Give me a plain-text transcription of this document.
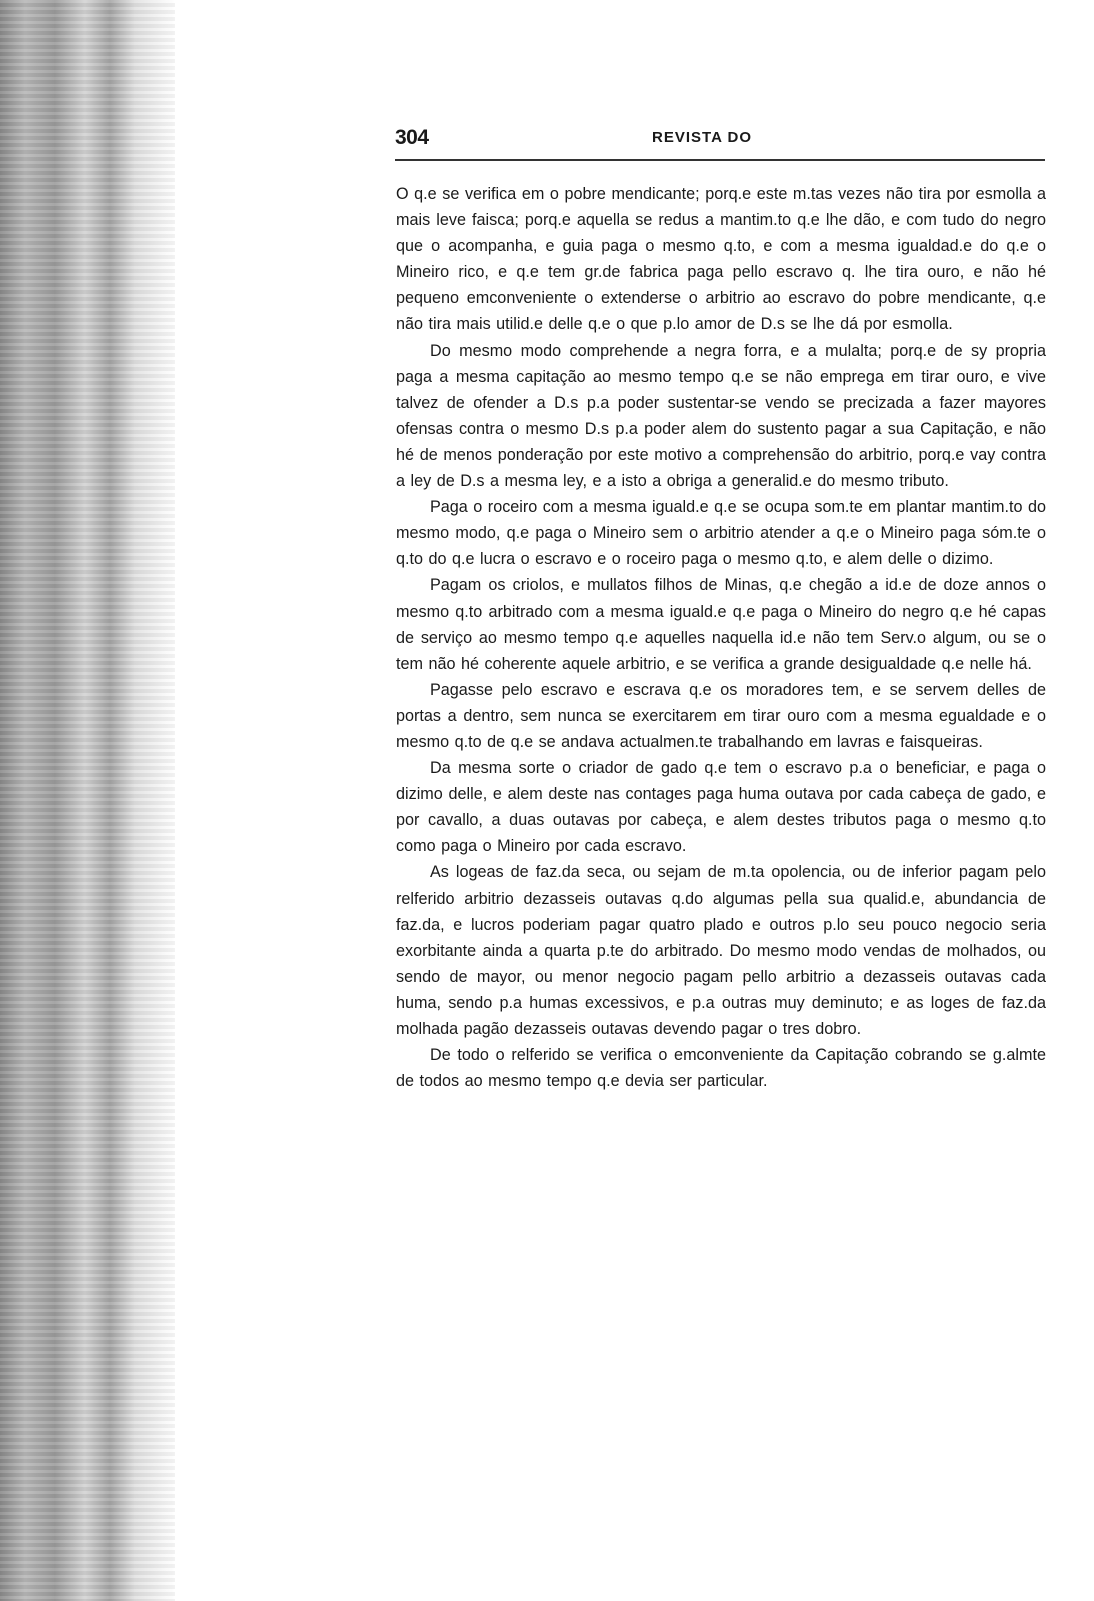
304	REVISTA DO

O q.e se verifica em o pobre mendicante; porq.e este m.tas vezes não tira por esmolla a mais leve faisca; porq.e aquella se redus a mantim.to q.e lhe dão, e com tudo do negro que o acompanha, e guia paga o mesmo q.to, e com a mesma igualdad.e do q.e o Mineiro rico, e q.e tem gr.de fabrica paga pello escravo q. lhe tira ouro, e não hé pequeno emconveniente o extenderse o arbitrio ao escravo do pobre mendicante, q.e não tira mais utilid.e delle q.e o que p.lo amor de D.s se lhe dá por esmolla.

Do mesmo modo comprehende a negra forra, e a mulalta; porq.e de sy propria paga a mesma capitação ao mesmo tempo q.e se não emprega em tirar ouro, e vive talvez de ofender a D.s p.a poder sustentar-se vendo se precizada a fazer mayores ofensas contra o mesmo D.s p.a poder alem do sustento pagar a sua Capitação, e não hé de menos ponderação por este motivo a comprehensão do arbitrio, porq.e vay contra a ley de D.s a mesma ley, e a isto a obriga a generalid.e do mesmo tributo.

Paga o roceiro com a mesma iguald.e q.e se ocupa som.te em plantar mantim.to do mesmo modo, q.e paga o Mineiro sem o arbitrio atender a q.e o Mineiro paga sóm.te o q.to do q.e lucra o escravo e o roceiro paga o mesmo q.to, e alem delle o dizimo.

Pagam os criolos, e mullatos filhos de Minas, q.e chegão a id.e de doze annos o mesmo q.to arbitrado com a mesma iguald.e q.e paga o Mineiro do negro q.e hé capas de serviço ao mesmo tempo q.e aquelles naquella id.e não tem Serv.o algum, ou se o tem não hé coherente aquele arbitrio, e se verifica a grande desigualdade q.e nelle há.

Pagasse pelo escravo e escrava q.e os moradores tem, e se servem delles de portas a dentro, sem nunca se exercitarem em tirar ouro com a mesma egualdade e o mesmo q.to de q.e se andava actualmen.te trabalhando em lavras e faisqueiras.

Da mesma sorte o criador de gado q.e tem o escravo p.a o beneficiar, e paga o dizimo delle, e alem deste nas contages paga huma outava por cada cabeça de gado, e por cavallo, a duas outavas por cabeça, e alem destes tributos paga o mesmo q.to como paga o Mineiro por cada escravo.

As logeas de faz.da seca, ou sejam de m.ta opolencia, ou de inferior pagam pelo relferido arbitrio dezasseis outavas q.do algumas pella sua qualid.e, abundancia de faz.da, e lucros poderiam pagar quatro plado e outros p.lo seu pouco negocio seria exorbitante ainda a quarta p.te do arbitrado. Do mesmo modo vendas de molhados, ou sendo de mayor, ou menor negocio pagam pello arbitrio a dezasseis outavas cada huma, sendo p.a humas excessivos, e p.a outras muy deminuto; e as loges de faz.da molhada pagão dezasseis outavas devendo pagar o tres dobro.

De todo o relferido se verifica o emconveniente da Capitação cobrando se g.almte de todos ao mesmo tempo q.e devia ser particular.
